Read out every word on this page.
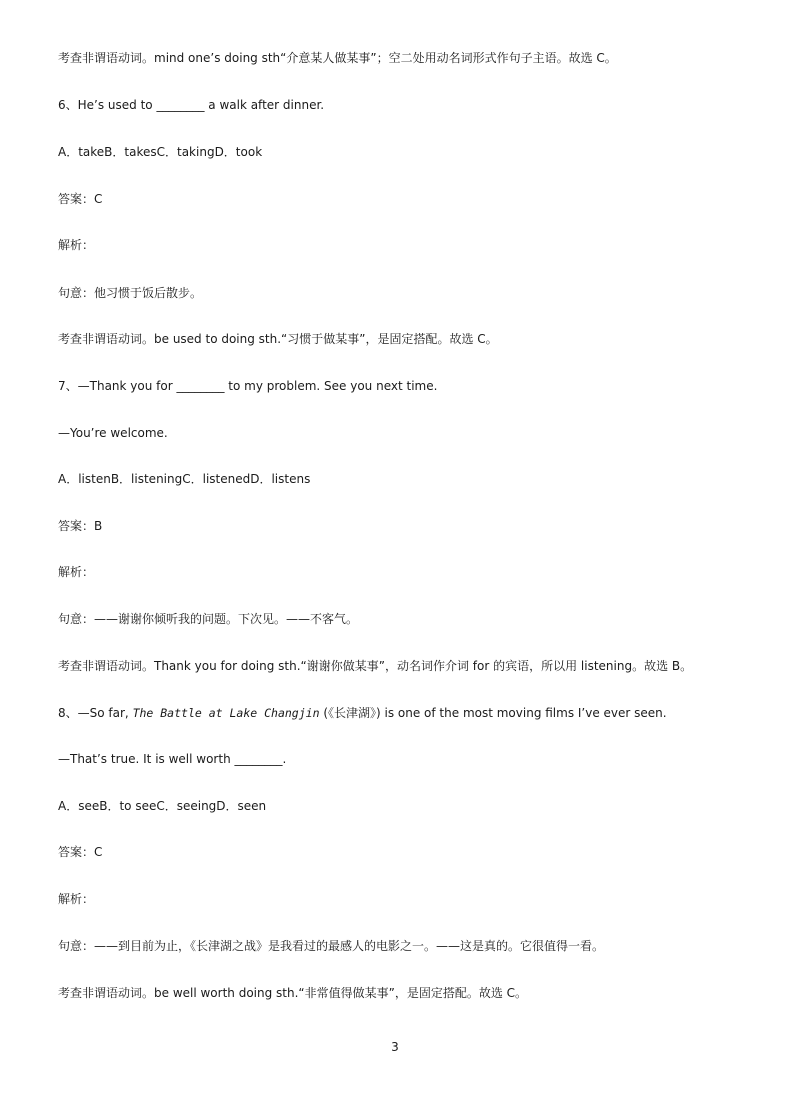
考查非谓语动词。mind one’s doing sth“介意某人做某事”；空二处用动名词形式作句子主语。故选 C。
6、He’s used to ________ a walk after dinner.
A．takeB．takesC．takingD．took
答案：C
解析：
句意：他习惯于饭后散步。
考查非谓语动词。be used to doing sth.“习惯于做某事”，是固定搭配。故选 C。
7、—Thank you for ________ to my problem. See you next time.
—You’re welcome.
A．listenB．listeningC．listenedD．listens
答案：B
解析：
句意：——谢谢你倾听我的问题。下次见。——不客气。
考查非谓语动词。Thank you for doing sth.“谢谢你做某事”，动名词作介词 for 的宾语，所以用 listening。故选 B。
8、—So far, The Battle at Lake Changjin (《长津湖》) is one of the most moving films I’ve ever seen.
—That’s true. It is well worth ________.
A．seeB．to seeC．seeingD．seen
答案：C
解析：
句意：——到目前为止，《长津湖之战》是我看过的最感人的电影之一。——这是真的。它很值得一看。
考查非谓语动词。be well worth doing sth.“非常值得做某事”，是固定搭配。故选 C。
3
